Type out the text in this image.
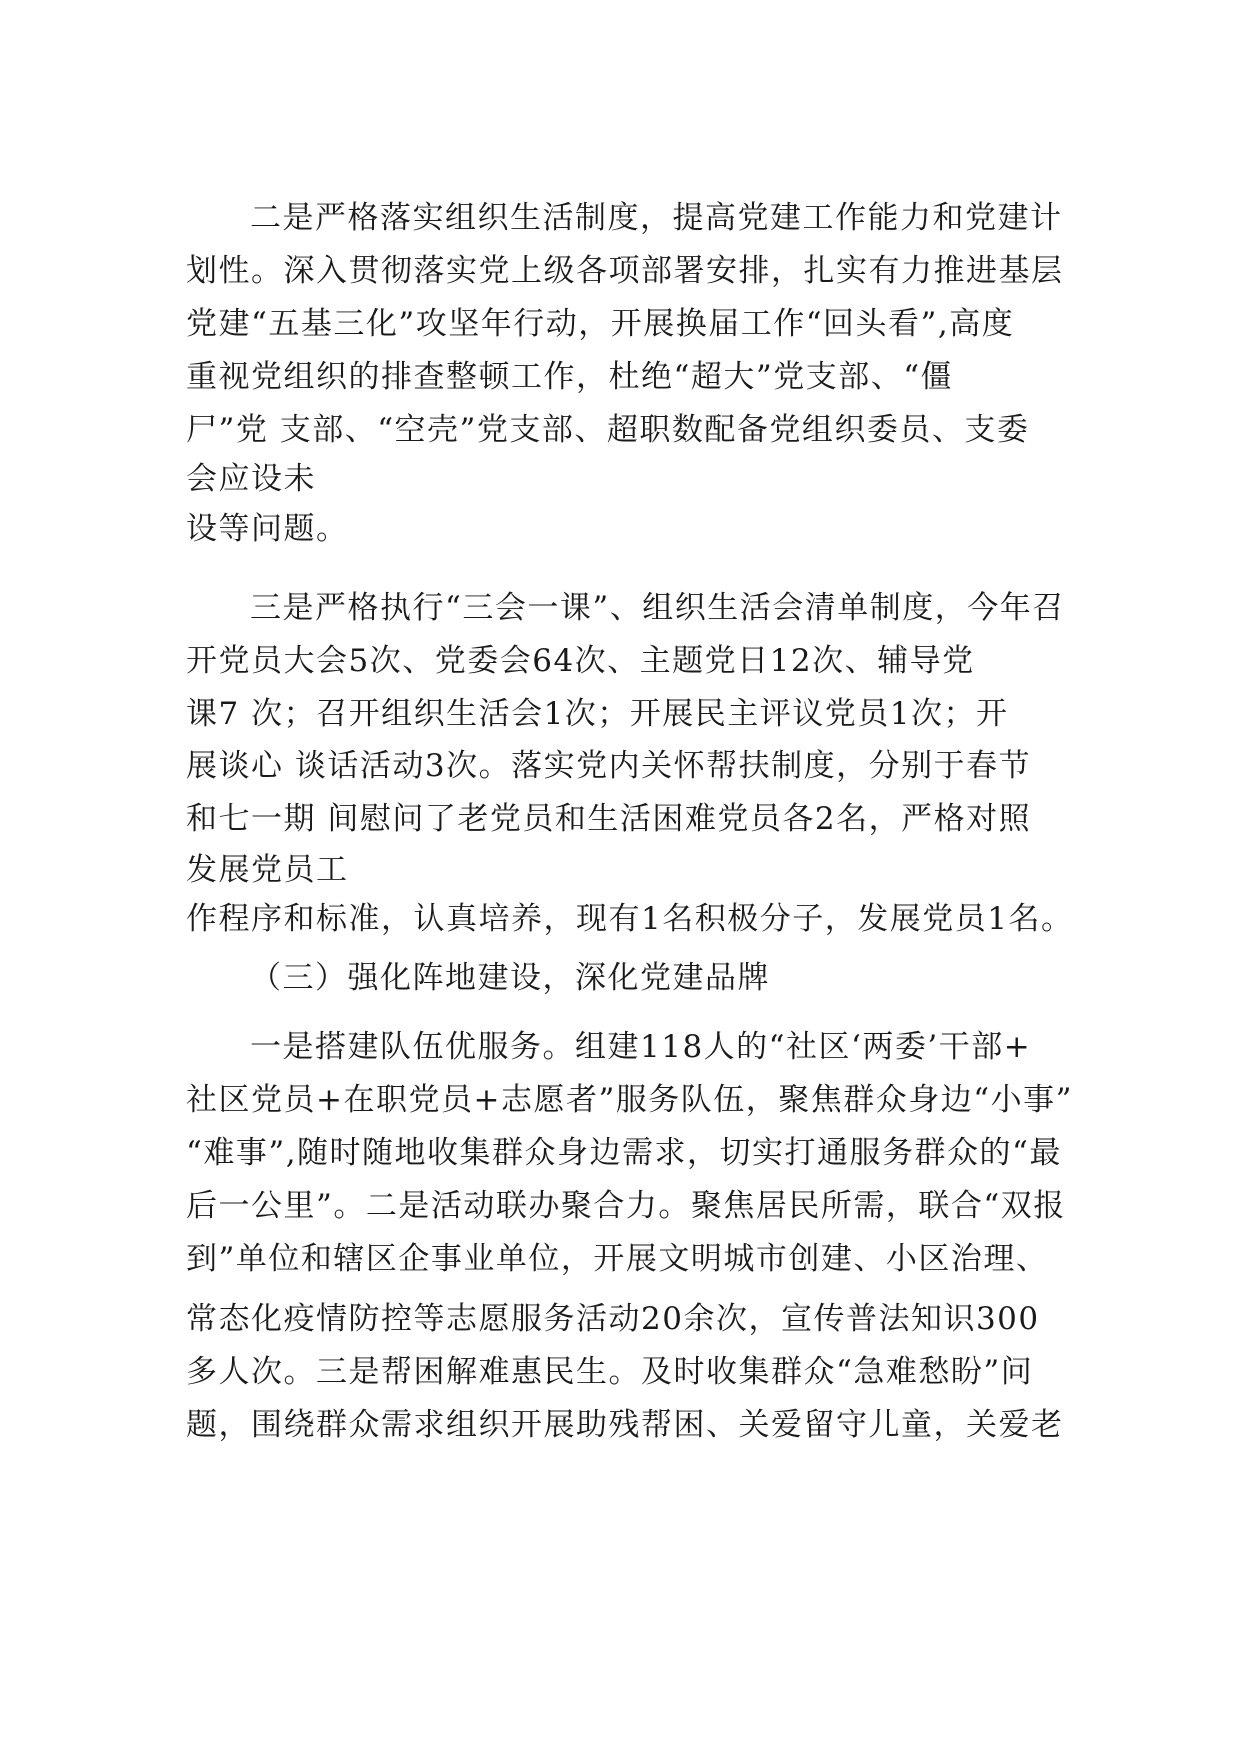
二是严格落实组织生活制度，提高党建工作能力和党建计
划性。深入贯彻落实党上级各项部署安排，扎实有力推进基层
党建“五基三化”攻坚年行动，开展换届工作“回头看”,高度
重视党组织的排查整顿工作，杜绝“超大”党支部、“僵
尸”党 支部、“空壳”党支部、超职数配备党组织委员、支委
会应设未
设等问题。
三是严格执行“三会一课”、组织生活会清单制度，今年召
开党员大会5次、党委会64次、主题党日12次、辅导党
课7 次；召开组织生活会1次；开展民主评议党员1次；开
展谈心 谈话活动3次。落实党内关怀帮扶制度，分别于春节
和七一期 间慰问了老党员和生活困难党员各2名，严格对照
发展党员工
作程序和标准，认真培养，现有1名积极分子，发展党员1名。
（三）强化阵地建设，深化党建品牌
一是搭建队伍优服务。组建118人的“社区‘两委’干部+
社区党员+在职党员+志愿者”服务队伍，聚焦群众身边“小事”
“难事”,随时随地收集群众身边需求，切实打通服务群众的“最
后一公里”。二是活动联办聚合力。聚焦居民所需，联合“双报
到”单位和辖区企事业单位，开展文明城市创建、小区治理、
常态化疫情防控等志愿服务活动20余次，宣传普法知识300
多人次。三是帮困解难惠民生。及时收集群众“急难愁盼”问
题，围绕群众需求组织开展助残帮困、关爱留守儿童，关爱老
